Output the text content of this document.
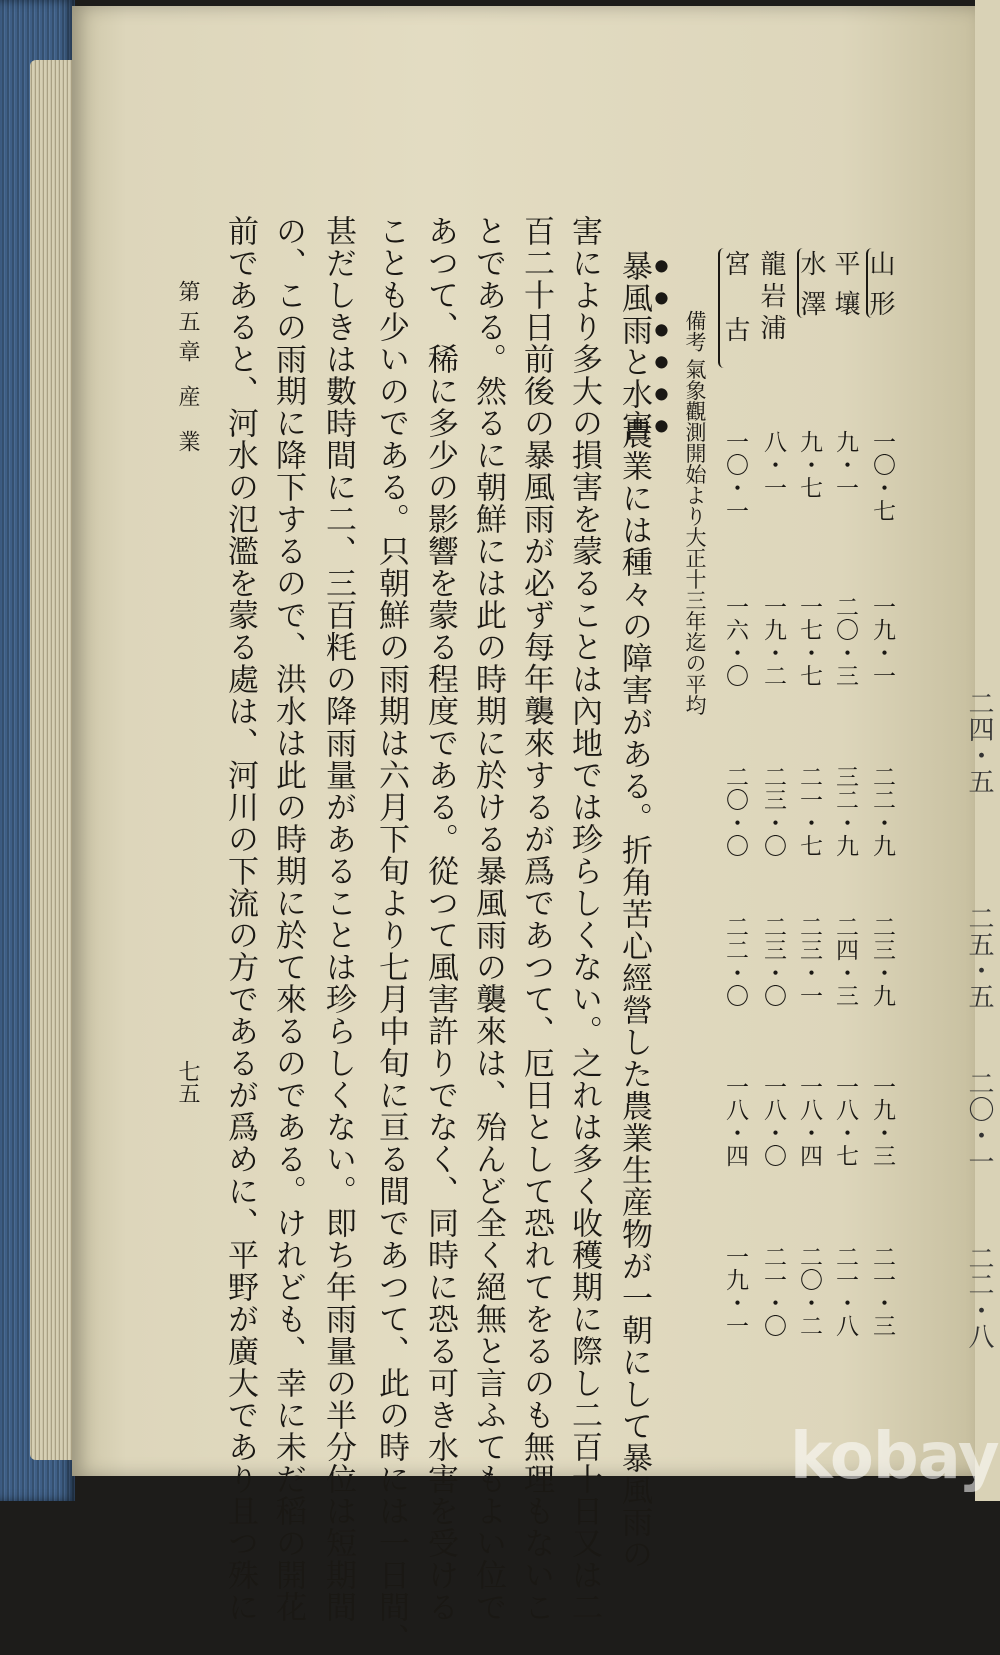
二四・五
二五・五
二〇・一
二二・八
山形
一〇・七
一九・一
二二・九
二三・九
一九・三
二一・三
平壤
九・一
二〇・三
三二・九
二四・三
一八・七
二一・八
水澤
九・七
一七・七
二一・七
二三・一
一八・四
二〇・二
龍岩浦
八・一
一九・二
二三・〇
二三・〇
一八・〇
二一・〇
宮古
一〇・一
一六・〇
二〇・〇
二二・〇
一八・四
一九・一
備考 氣象觀測開始より大正十三年迄の平均
暴風雨と水害
農業には種々の障害がある。折角苦心經營した農業生産物が一朝にして暴風雨の
害により多大の損害を蒙ることは內地では珍らしくない。之れは多く收穫期に際し二百十日又は二
百二十日前後の暴風雨が必ず每年襲來するが爲であつて、厄日として恐れてをるのも無理もないこ
とである。然るに朝鮮には此の時期に於ける暴風雨の襲來は、殆んど全く絕無と言ふてもよい位で
あつて、稀に多少の影響を蒙る程度である。從つて風害許りでなく、同時に恐る可き水害を受ける
ことも少いのである。只朝鮮の雨期は六月下旬より七月中旬に亘る間であつて、此の時には一日間、
甚だしきは數時間に二、三百粍の降雨量があることは珍らしくない。即ち年雨量の半分位は短期間
の、この雨期に降下するので、洪水は此の時期に於て來るのである。けれども、幸に未だ稻の開花
前であると、河水の氾濫を蒙る處は、河川の下流の方であるが爲めに、平野が廣大であり且つ殊に
第五章 産 業
七五
kobay
